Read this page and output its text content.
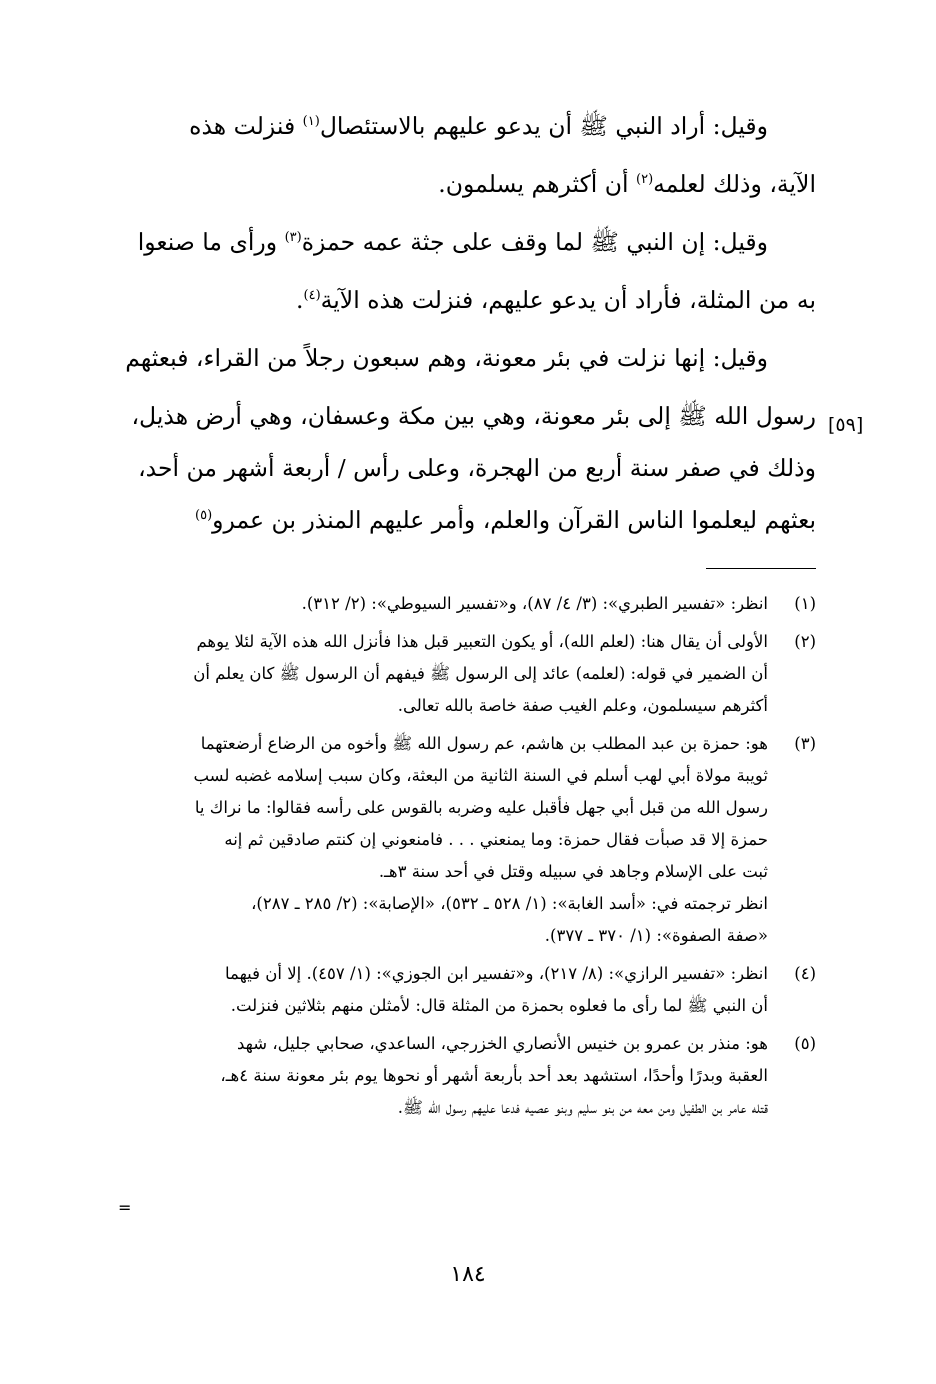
وقيل: أراد النبي ﷺ أن يدعو عليهم بالاستئصال$^{(١)}$ فنزلت هذه

الآية، وذلك لعلمه$^{(٢)}$ أن أكثرهم يسلمون.

وقيل: إن النبي ﷺ لما وقف على جثة عمه حمزة$^{(٣)}$ ورأى ما صنعوا

به من المثلة، فأراد أن يدعو عليهم، فنزلت هذه الآية$^{(٤)}$.

وقيل: إنها نزلت في بئر معونة، وهم سبعون رجلاً من القراء، فبعثهم

رسول الله ﷺ إلى بئر معونة، وهي بين مكة وعسفان، وهي أرض هذيل،
وذلك في صفر سنة أربع من الهجرة، وعلى رأس / أربعة أشهر من أحد،
بعثهم ليعلموا الناس القرآن والعلم، وأمر عليهم المنذر بن عمرو$^{(٥)}$

[٥٩]
(١)
انظر: «تفسير الطبري»: (٣/ ٤/ ٨٧)، و«تفسير السيوطي»: (٢/ ٣١٢).
(٢)
الأولى أن يقال هنا: (لعلم الله)، أو يكون التعبير قبل هذا فأنزل الله هذه الآية لئلا يوهم
أن الضمير في قوله: (لعلمه) عائد إلى الرسول ﷺ فيفهم أن الرسول ﷺ كان يعلم أن
أكثرهم سيسلمون، وعلم الغيب صفة خاصة بالله تعالى.
(٣)
هو: حمزة بن عبد المطلب بن هاشم، عم رسول الله ﷺ وأخوه من الرضاع أرضعتهما
ثويبة مولاة أبي لهب أسلم في السنة الثانية من البعثة، وكان سبب إسلامه غضبه لسب
رسول الله من قبل أبي جهل فأقبل عليه وضربه بالقوس على رأسه فقالوا: ما نراك يا
حمزة إلا قد صبأت فقال حمزة: وما يمنعني . . . فامنعوني إن كنتم صادقين ثم إنه
ثبت على الإسلام وجاهد في سبيله وقتل في أحد سنة ٣هـ.
انظر ترجمته في: «أسد الغابة»: (١/ ٥٢٨ ـ ٥٣٢)، «الإصابة»: (٢/ ٢٨٥ ـ ٢٨٧)،
«صفة الصفوة»: (١/ ٣٧٠ ـ ٣٧٧).
(٤)
انظر: «تفسير الرازي»: (٨/ ٢١٧)، و«تفسير ابن الجوزي»: (١/ ٤٥٧). إلا أن فيهما
أن النبي ﷺ لما رأى ما فعلوه بحمزة من المثلة قال: لأمثلن منهم بثلاثين فنزلت.
(٥)
هو: منذر بن عمرو بن خنيس الأنصاري الخزرجي، الساعدي، صحابي جليل، شهد
العقبة وبدرًا وأحدًا، استشهد بعد أحد بأربعة أشهر أو نحوها يوم بئر معونة سنة ٤هـ،
قتله عامر بن الطفيل ومن معه من بنو سليم وبنو عصيه فدعا عليهم رسول الله ﷺ.
=
١٨٤
